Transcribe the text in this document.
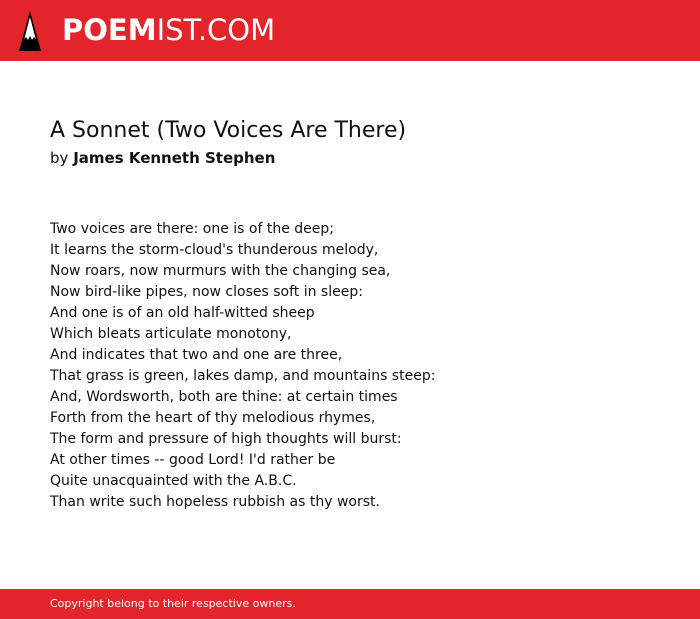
POEMIST.COM
A Sonnet (Two Voices Are There)
by James Kenneth Stephen
Two voices are there: one is of the deep;
It learns the storm-cloud's thunderous melody,
Now roars, now murmurs with the changing sea,
Now bird-like pipes, now closes soft in sleep:
And one is of an old half-witted sheep
Which bleats articulate monotony,
And indicates that two and one are three,
That grass is green, lakes damp, and mountains steep:
And, Wordsworth, both are thine: at certain times
Forth from the heart of thy melodious rhymes,
The form and pressure of high thoughts will burst:
At other times -- good Lord! I'd rather be
Quite unacquainted with the A.B.C.
Than write such hopeless rubbish as thy worst.
Copyright belong to their respective owners.
